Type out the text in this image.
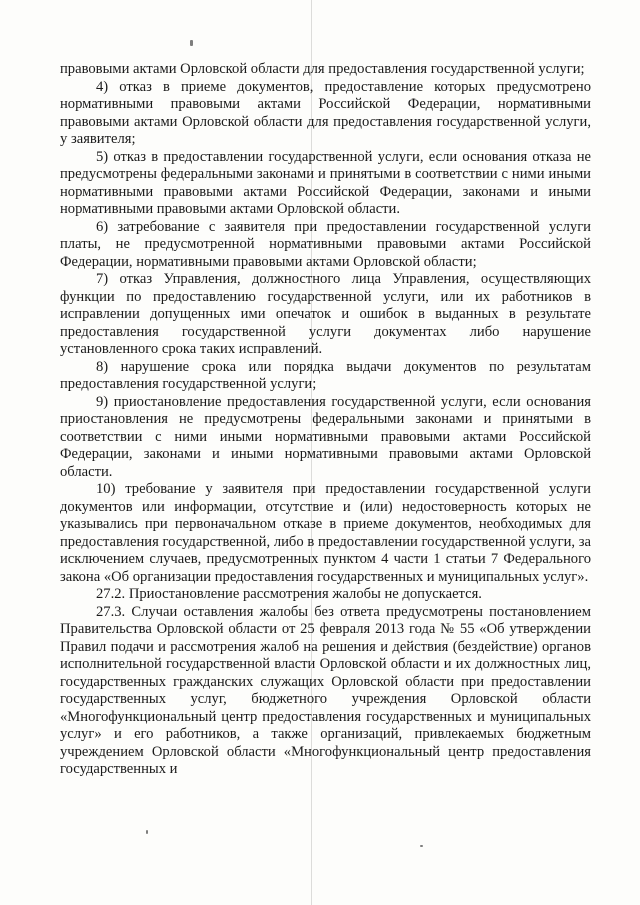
правовыми актами Орловской области для предоставления государственной услуги;

4) отказ в приеме документов, предоставление которых предусмотрено нормативными правовыми актами Российской Федерации, нормативными правовыми актами Орловской области для предоставления государственной услуги, у заявителя;

5) отказ в предоставлении государственной услуги, если основания отказа не предусмотрены федеральными законами и принятыми в соответствии с ними иными нормативными правовыми актами Российской Федерации, законами и иными нормативными правовыми актами Орловской области.

6) затребование с заявителя при предоставлении государственной услуги платы, не предусмотренной нормативными правовыми актами Российской Федерации, нормативными правовыми актами Орловской области;

7) отказ Управления, должностного лица Управления, осуществляющих функции по предоставлению государственной услуги, или их работников в исправлении допущенных ими опечаток и ошибок в выданных в результате предоставления государственной услуги документах либо нарушение установленного срока таких исправлений.

8) нарушение срока или порядка выдачи документов по результатам предоставления государственной услуги;

9) приостановление предоставления государственной услуги, если основания приостановления не предусмотрены федеральными законами и принятыми в соответствии с ними иными нормативными правовыми актами Российской Федерации, законами и иными нормативными правовыми актами Орловской области.

10) требование у заявителя при предоставлении государственной услуги документов или информации, отсутствие и (или) недостоверность которых не указывались при первоначальном отказе в приеме документов, необходимых для предоставления государственной, либо в предоставлении государственной услуги, за исключением случаев, предусмотренных пунктом 4 части 1 статьи 7 Федерального закона «Об организации предоставления государственных и муниципальных услуг».

27.2. Приостановление рассмотрения жалобы не допускается.

27.3. Случаи оставления жалобы без ответа предусмотрены постановлением Правительства Орловской области от 25 февраля 2013 года № 55 «Об утверждении Правил подачи и рассмотрения жалоб на решения и действия (бездействие) органов исполнительной государственной власти Орловской области и их должностных лиц, государственных гражданских служащих Орловской области при предоставлении государственных услуг, бюджетного учреждения Орловской области «Многофункциональный центр предоставления государственных и муниципальных услуг» и его работников, а также организаций, привлекаемых бюджетным учреждением Орловской области «Многофункциональный центр предоставления государственных и
